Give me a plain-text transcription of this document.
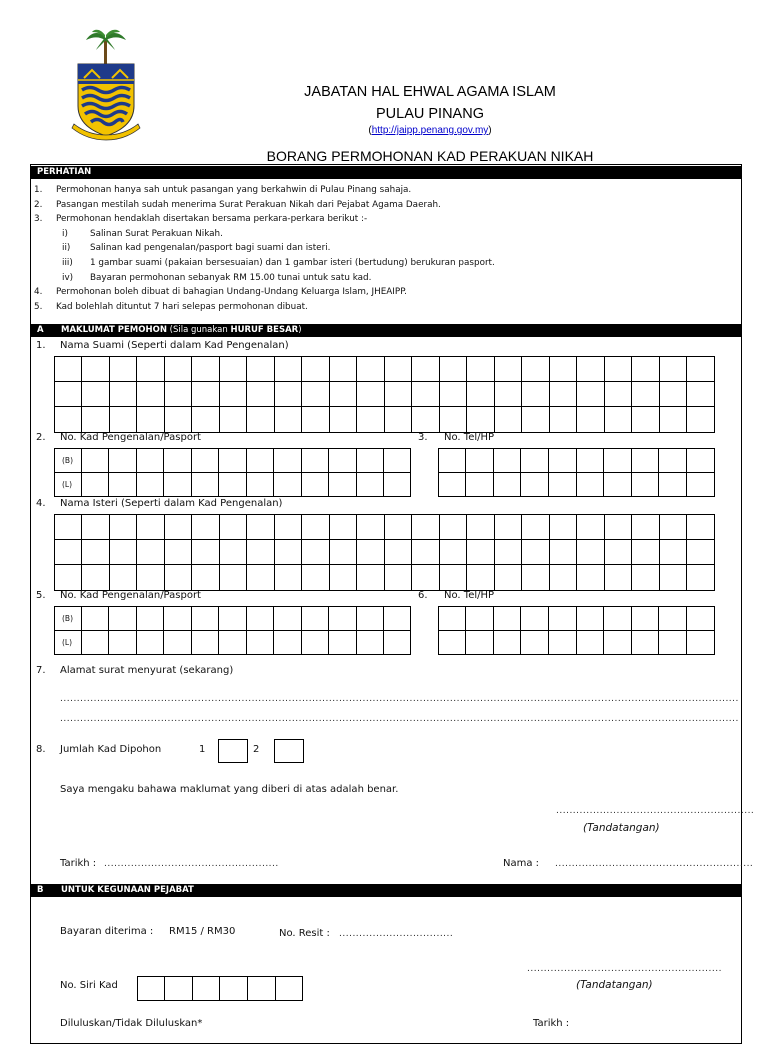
JABATAN HAL EHWAL AGAMA ISLAM
PULAU PINANG
(http://jaipp.penang.gov.my)
BORANG PERMOHONAN KAD PERAKUAN NIKAH
PERHATIAN
1.	Permohonan hanya sah untuk pasangan yang berkahwin di Pulau Pinang sahaja.
2.	Pasangan mestilah sudah menerima Surat Perakuan Nikah dari Pejabat Agama Daerah.
3.	Permohonan hendaklah disertakan bersama perkara-perkara berikut :-
i)	Salinan Surat Perakuan Nikah.
ii)	Salinan kad pengenalan/pasport bagi suami dan isteri.
iii)	1 gambar suami (pakaian bersesuaian) dan 1 gambar isteri (bertudung) berukuran pasport.
iv)	Bayaran permohonan sebanyak RM 15.00 tunai untuk satu kad.
4.	Permohonan boleh dibuat di bahagian Undang-Undang Keluarga Islam, JHEAIPP.
5.	Kad bolehlah dituntut 7 hari selepas permohonan dibuat.
A MAKLUMAT PEMOHON (Sila gunakan HURUF BESAR)
1. Nama Suami (Seperti dalam Kad Pengenalan)
2. No. Kad Pengenalan/Pasport	3. No. Tel/HP
(B)
(L)
4. Nama Isteri (Seperti dalam Kad Pengenalan)
5. No. Kad Pengenalan/Pasport	6. No. Tel/HP
(B)
(L)
7. Alamat surat menyurat (sekarang)
..........................................................................................................................................................................................................
..........................................................................................................................................................................................................
8. Jumlah Kad Dipohon	1	2
Saya mengaku bahawa maklumat yang diberi di atas adalah benar.
...........................................................
(Tandatangan)
Tarikh : ....................................................	Nama : ...........................................................
B UNTUK KEGUNAAN PEJABAT
Bayaran diterima : RM15 / RM30	No. Resit : ..................................
..........................................................
(Tandatangan)
No. Siri Kad
Diluluskan/Tidak Diluluskan*	Tarikh :
